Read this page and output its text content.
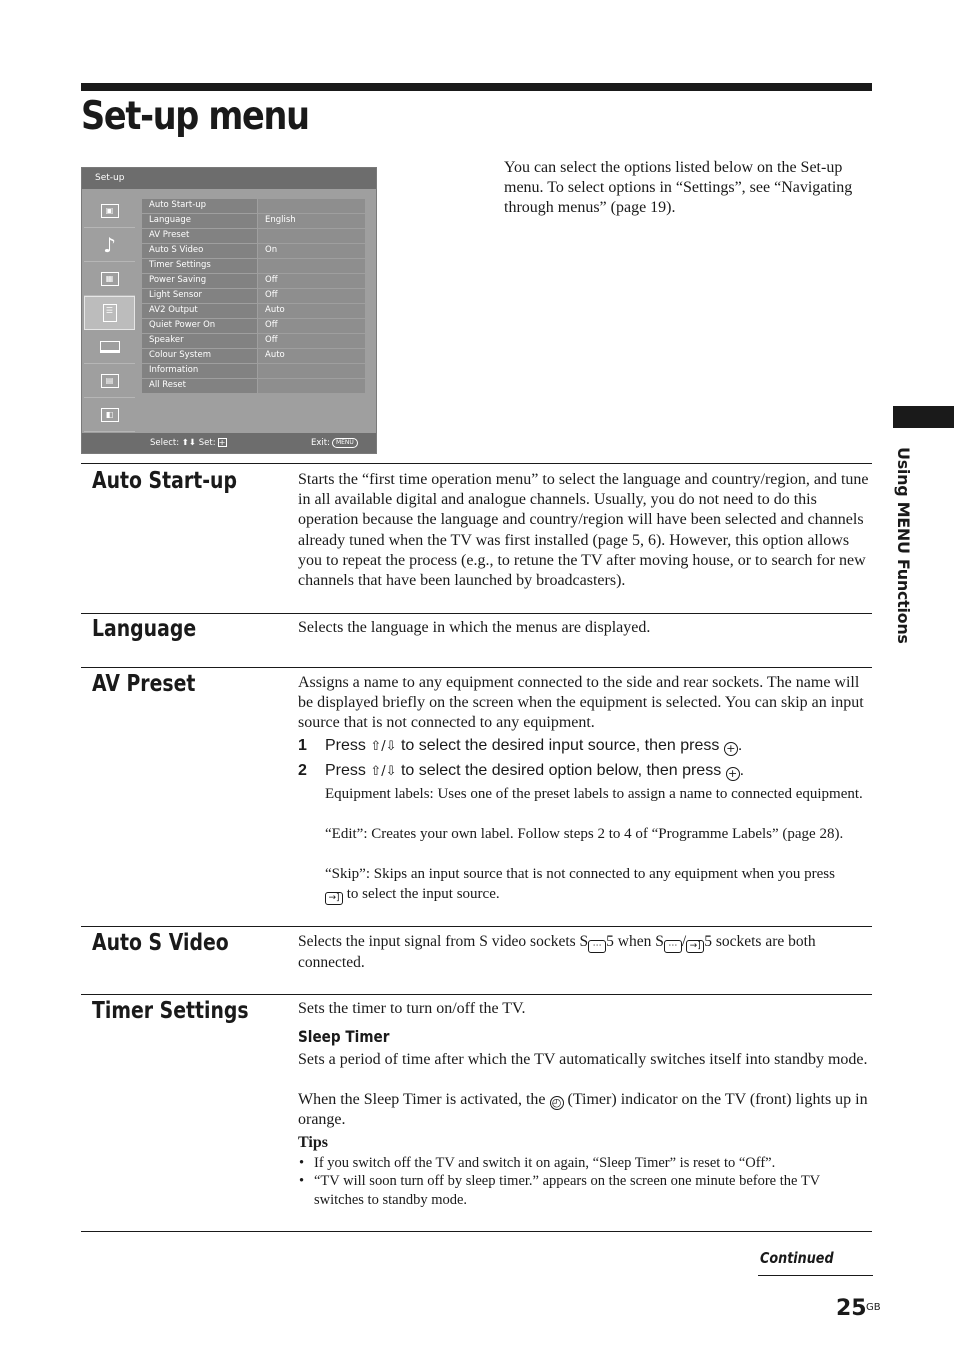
Set-up menu
Set-up
▣
♪
▦
☰
▤
◧
Auto Start-up
Language	English
AV Preset
Auto S Video	On
Timer Settings
Power Saving	Off
Light Sensor	Off
AV2 Output	Auto
Quiet Power On	Off
Speaker	Off
Colour System	Auto
Information
All Reset
Select: ⬆⬇ Set: +	Exit: MENU

You can select the options listed below on the Set-up menu. To select options in “Settings”, see “Navigating through menus” (page 19).

Using MENU Functions
Auto Start-up	Starts the “first time operation menu” to select the language and country/region, and tune in all available digital and analogue channels. Usually, you do not need to do this operation because the language and country/region will have been selected and channels already tuned when the TV was first installed (page 5, 6). However, this option allows you to repeat the process (e.g., to retune the TV after moving house, or to search for new channels that have been launched by broadcasters).

Language	Selects the language in which the menus are displayed.

AV Preset	Assigns a name to any equipment connected to the side and rear sockets. The name will be displayed briefly on the screen when the equipment is selected. You can skip an input source that is not connected to any equipment.

1 Press ⇧/⇩ to select the desired input source, then press + .
2 Press ⇧/⇩ to select the desired option below, then press + .

Equipment labels: Uses one of the preset labels to assign a name to connected equipment.

“Edit”: Creates your own label. Follow steps 2 to 4 of “Programme Labels” (page 28).

“Skip”: Skips an input source that is not connected to any equipment when you press
→] to select the input source.

Auto S Video	Selects the input signal from S video sockets S ⋯ 5 when S ⋯ / →] 5 sockets are both connected.

Timer Settings	Sets the timer to turn on/off the TV.

Sleep Timer

Sets a period of time after which the TV automatically switches itself into standby mode.

When the Sleep Timer is activated, the ◴ (Timer) indicator on the TV (front) lights up in orange.

Tips
• If you switch off the TV and switch it on again, “Sleep Timer” is reset to “Off”.
• “TV will soon turn off by sleep timer.” appears on the screen one minute before the TV switches to standby mode.
Continued
25 GB
